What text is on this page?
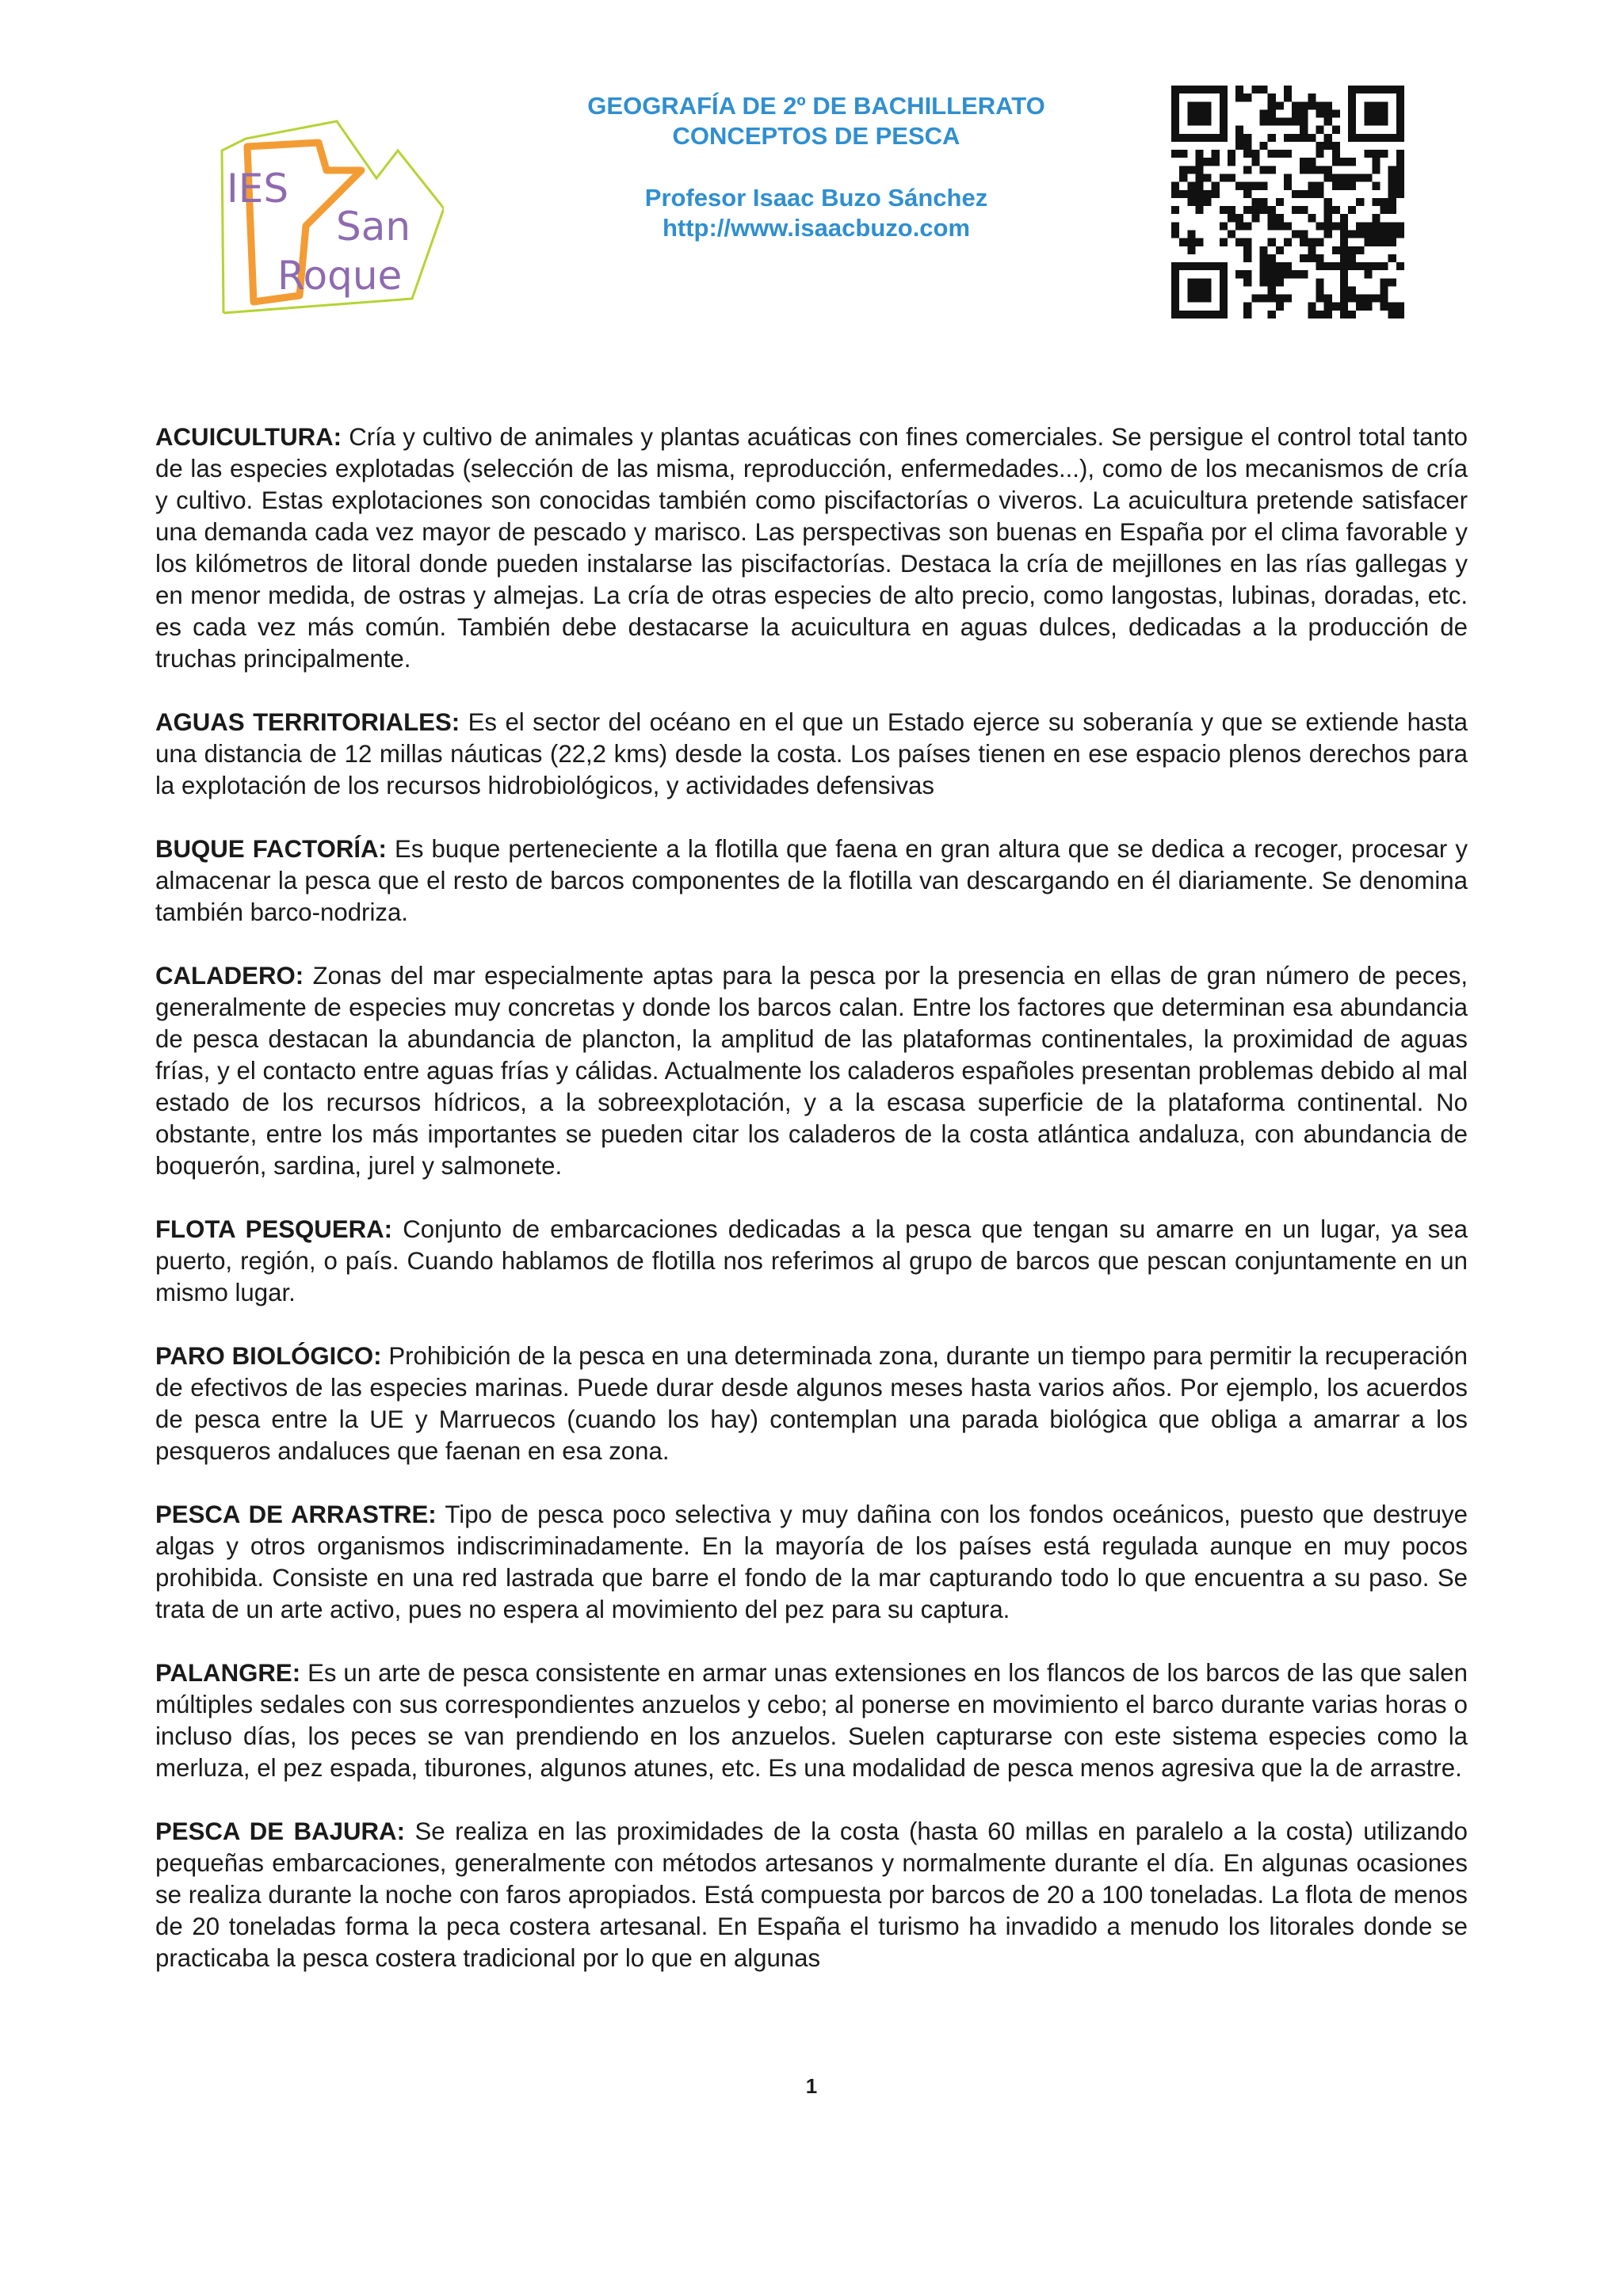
IES
San
Roque
GEOGRAFÍA DE 2º DE BACHILLERATO
CONCEPTOS DE PESCA
Profesor Isaac Buzo Sánchez
http://www.isaacbuzo.com

ACUICULTURA: Cría y cultivo de animales y plantas acuáticas con fines comerciales. Se persigue el control total tanto de las especies explotadas (selección de las misma, reproducción, enfermedades...), como de los mecanismos de cría y cultivo. Estas explotaciones son conocidas también como piscifactorías o viveros. La acuicultura pretende satisfacer una demanda cada vez mayor de pescado y marisco. Las perspectivas son buenas en España por el clima favorable y los kilómetros de litoral donde pueden instalarse las piscifactorías. Destaca la cría de mejillones en las rías gallegas y en menor medida, de ostras y almejas. La cría de otras especies de alto precio, como langostas, lubinas, doradas, etc. es cada vez más común. También debe destacarse la acuicultura en aguas dulces, dedicadas a la producción de truchas principalmente.

AGUAS TERRITORIALES: Es el sector del océano en el que un Estado ejerce su soberanía y que se extiende hasta una distancia de 12 millas náuticas (22,2 kms) desde la costa. Los países tienen en ese espacio plenos derechos para la explotación de los recursos hidrobiológicos, y actividades defensivas

BUQUE FACTORÍA: Es buque perteneciente a la flotilla que faena en gran altura que se dedica a recoger, procesar y almacenar la pesca que el resto de barcos componentes de la flotilla van descargando en él diariamente. Se denomina también barco-nodriza.

CALADERO: Zonas del mar especialmente aptas para la pesca por la presencia en ellas de gran número de peces, generalmente de especies muy concretas y donde los barcos calan. Entre los factores que determinan esa abundancia de pesca destacan la abundancia de plancton, la amplitud de las plataformas continentales, la proximidad de aguas frías, y el contacto entre aguas frías y cálidas. Actualmente los caladeros españoles presentan problemas debido al mal estado de los recursos hídricos, a la sobreexplotación, y a la escasa superficie de la plataforma continental. No obstante, entre los más importantes se pueden citar los caladeros de la costa atlántica andaluza, con abundancia de boquerón, sardina, jurel y salmonete.

FLOTA PESQUERA: Conjunto de embarcaciones dedicadas a la pesca que tengan su amarre en un lugar, ya sea puerto, región, o país. Cuando hablamos de flotilla nos referimos al grupo de barcos que pescan conjuntamente en un mismo lugar.

PARO BIOLÓGICO: Prohibición de la pesca en una determinada zona, durante un tiempo para permitir la recuperación de efectivos de las especies marinas. Puede durar desde algunos meses hasta varios años. Por ejemplo, los acuerdos de pesca entre la UE y Marruecos (cuando los hay) contemplan una parada biológica que obliga a amarrar a los pesqueros andaluces que faenan en esa zona.

PESCA DE ARRASTRE: Tipo de pesca poco selectiva y muy dañina con los fondos oceánicos, puesto que destruye algas y otros organismos indiscriminadamente. En la mayoría de los países está regulada aunque en muy pocos prohibida. Consiste en una red lastrada que barre el fondo de la mar capturando todo lo que encuentra a su paso. Se trata de un arte activo, pues no espera al movimiento del pez para su captura.

PALANGRE: Es un arte de pesca consistente en armar unas extensiones en los flancos de los barcos de las que salen múltiples sedales con sus correspondientes anzuelos y cebo; al ponerse en movimiento el barco durante varias horas o incluso días, los peces se van prendiendo en los anzuelos. Suelen capturarse con este sistema especies como la merluza, el pez espada, tiburones, algunos atunes, etc. Es una modalidad de pesca menos agresiva que la de arrastre.

PESCA DE BAJURA: Se realiza en las proximidades de la costa (hasta 60 millas en paralelo a la costa) utilizando pequeñas embarcaciones, generalmente con métodos artesanos y normalmente durante el día. En algunas ocasiones se realiza durante la noche con faros apropiados. Está compuesta por barcos de 20 a 100 toneladas. La flota de menos de 20 toneladas forma la peca costera artesanal. En España el turismo ha invadido a menudo los litorales donde se practicaba la pesca costera tradicional por lo que en algunas

1
